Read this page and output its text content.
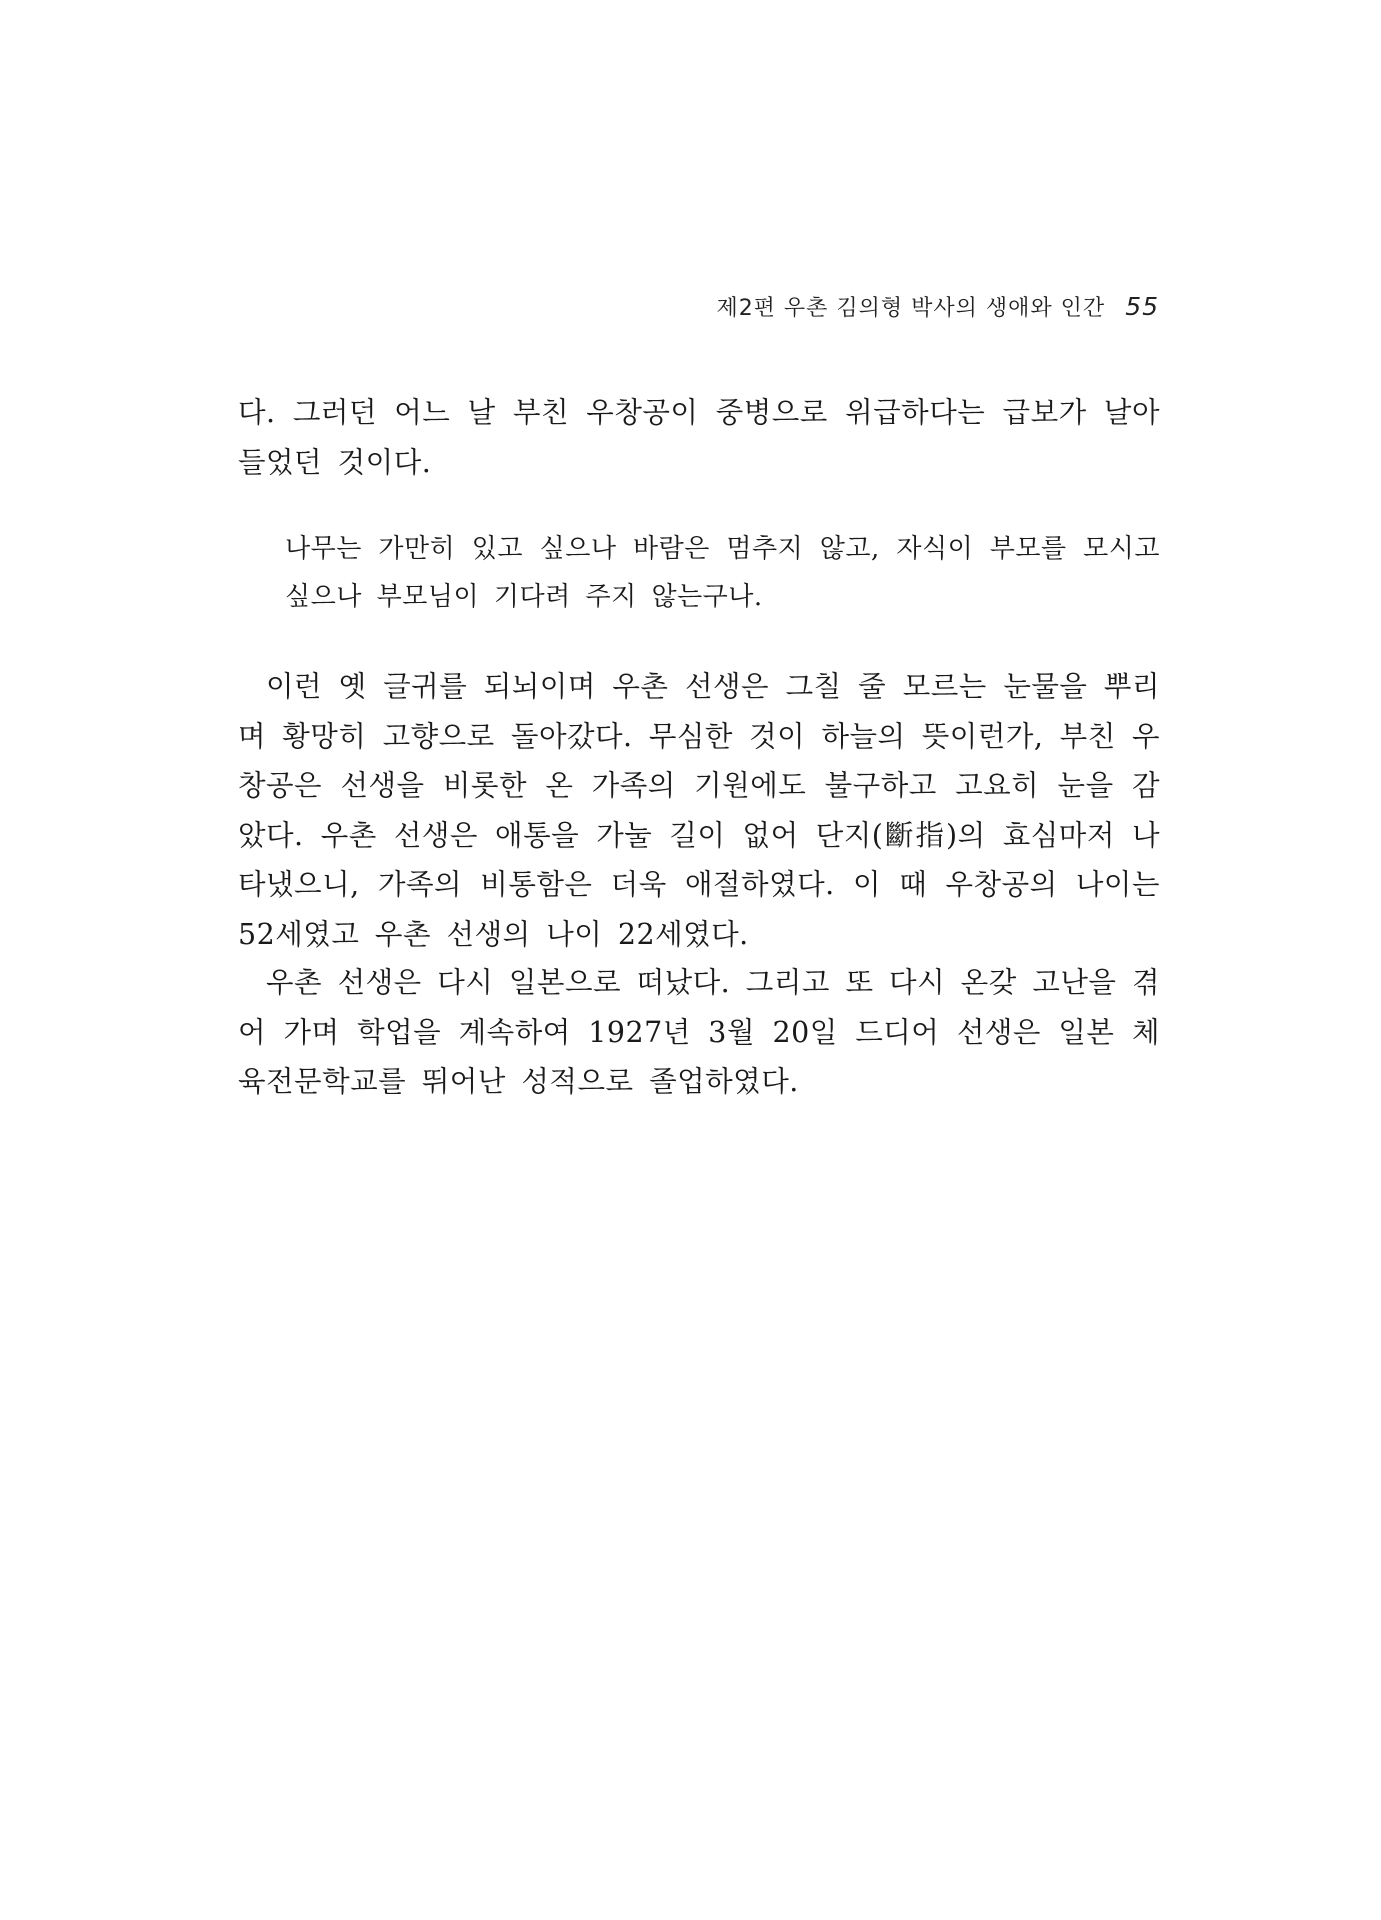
제2편 우촌 김의형 박사의 생애와 인간 55

다. 그러던 어느 날 부친 우창공이 중병으로 위급하다는 급보가 날아 들었던 것이다.

나무는 가만히 있고 싶으나 바람은 멈추지 않고, 자식이 부모를 모시고 싶으나 부모님이 기다려 주지 않는구나.

이런 옛 글귀를 되뇌이며 우촌 선생은 그칠 줄 모르는 눈물을 뿌리며 황망히 고향으로 돌아갔다. 무심한 것이 하늘의 뜻이런가, 부친 우창공은 선생을 비롯한 온 가족의 기원에도 불구하고 고요히 눈을 감았다. 우촌 선생은 애통을 가눌 길이 없어 단지(斷指)의 효심마저 나타냈으니, 가족의 비통함은 더욱 애절하였다. 이 때 우창공의 나이는 52세였고 우촌 선생의 나이 22세였다.

우촌 선생은 다시 일본으로 떠났다. 그리고 또 다시 온갖 고난을 겪어 가며 학업을 계속하여 1927년 3월 20일 드디어 선생은 일본 체육전문학교를 뛰어난 성적으로 졸업하였다.
